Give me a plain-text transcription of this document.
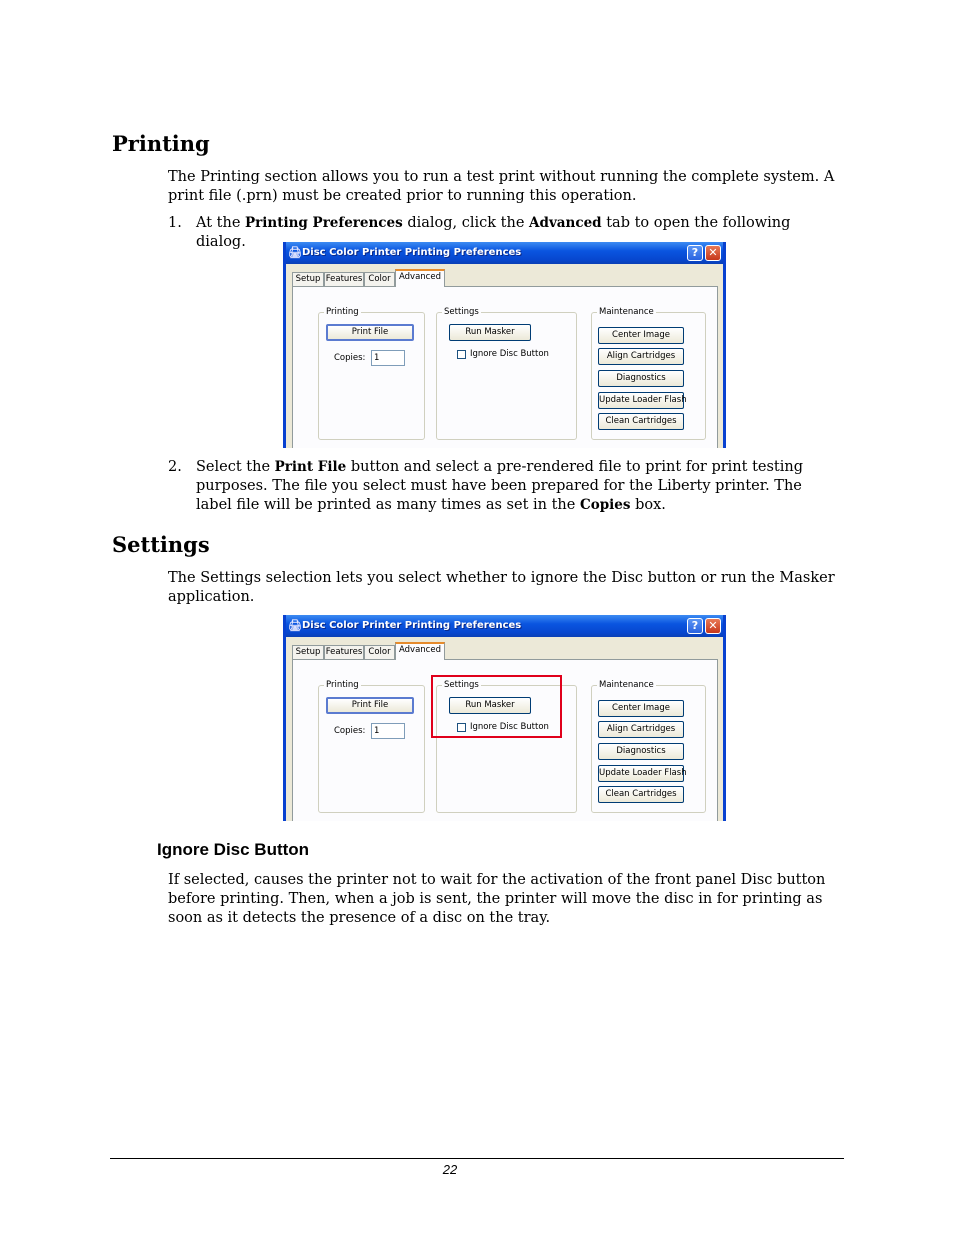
Printing

The Printing section allows you to run a test print without running the complete system. A print file (.prn) must be created prior to running this operation.

1. At the Printing Preferences dialog, click the Advanced tab to open the following dialog.
🖨 Disc Color Printer Printing Preferences	? ✕
Setup Features Color Advanced
Printing
Print File
Copies:	1
Settings
Run Masker
Ignore Disc Button
Maintenance
Center Image
Align Cartridges
Diagnostics
Update Loader Flash
Clean Cartridges
2. Select the Print File button and select a pre-rendered file to print for print testing purposes. The file you select must have been prepared for the Liberty printer. The label file will be printed as many times as set in the Copies box.
Settings

The Settings selection lets you select whether to ignore the Disc button or run the Masker application.

🖨 Disc Color Printer Printing Preferences	? ✕
Setup Features Color Advanced
Printing
Print File
Copies:	1
Settings
Run Masker
Ignore Disc Button
Maintenance
Center Image
Align Cartridges
Diagnostics
Update Loader Flash
Clean Cartridges
Ignore Disc Button

If selected, causes the printer not to wait for the activation of the front panel Disc button before printing. Then, when a job is sent, the printer will move the disc in for printing as soon as it detects the presence of a disc on the tray.

22
